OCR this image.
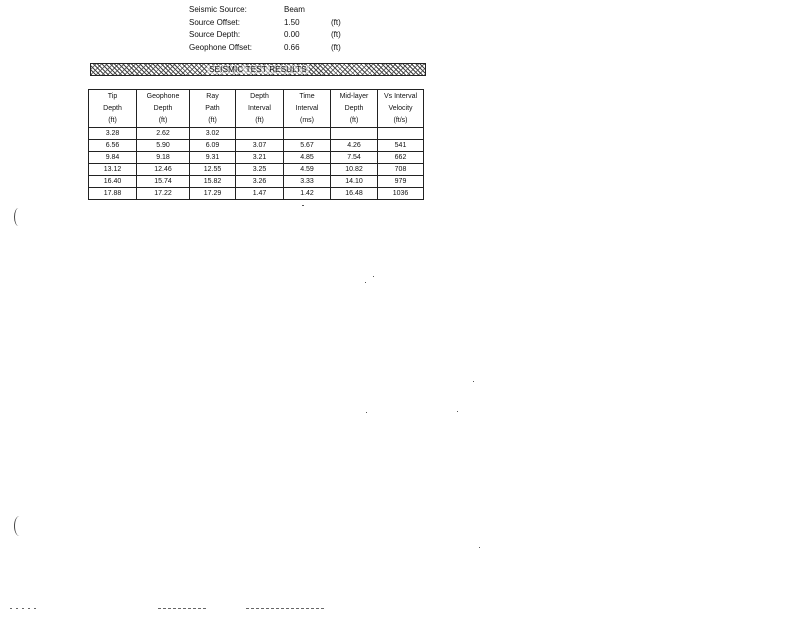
Seismic Source:	Beam
Source Offset:	1.50	(ft)
Source Depth:	0.00	(ft)
Geophone Offset:	0.66	(ft)
SEISMIC TEST RESULTS
Tip
Depth
(ft)	Geophone
Depth
(ft)	Ray
Path
(ft)	Depth
Interval
(ft)	Time
Interval
(ms)	Mid-layer
Depth
(ft)	Vs Interval
Velocity
(ft/s)

3.28	2.62	3.02				
6.56	5.90	6.09	3.07	5.67	4.26	541
9.84	9.18	9.31	3.21	4.85	7.54	662
13.12	12.46	12.55	3.25	4.59	10.82	708
16.40	15.74	15.82	3.26	3.33	14.10	979
17.88	17.22	17.29	1.47	1.42	16.48	1036
